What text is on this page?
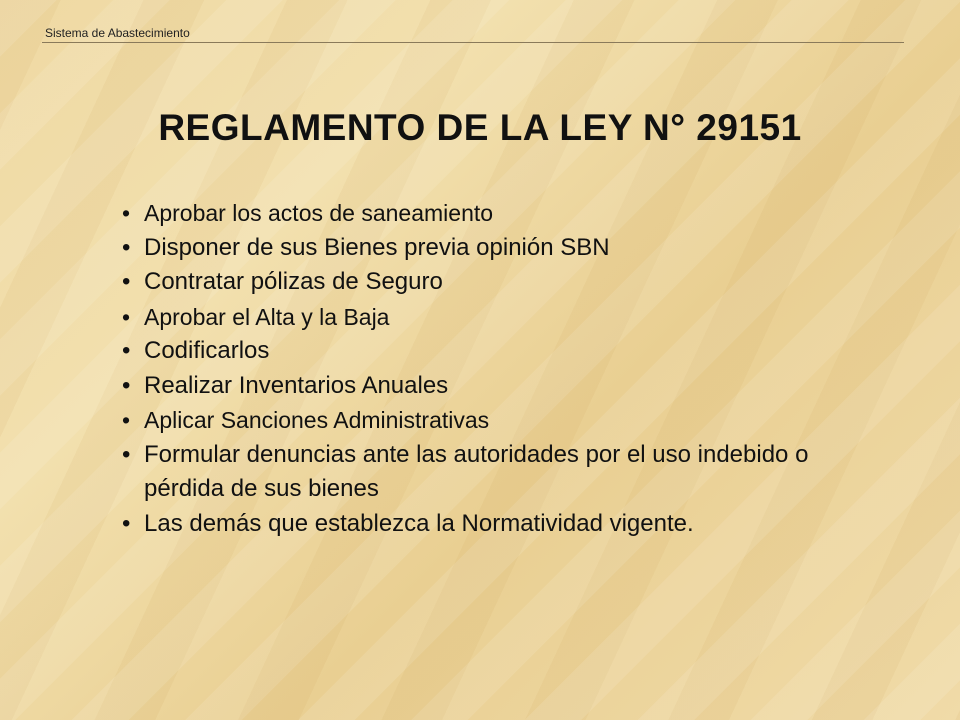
Sistema de Abastecimiento
REGLAMENTO DE LA LEY N° 29151
• Aprobar los actos de saneamiento
• Disponer de sus Bienes previa opinión SBN
• Contratar pólizas de Seguro
• Aprobar el Alta y la Baja
• Codificarlos
• Realizar Inventarios Anuales
• Aplicar Sanciones Administrativas
• Formular denuncias ante las autoridades por el uso indebido o pérdida de sus bienes
• Las demás que establezca la Normatividad vigente.
